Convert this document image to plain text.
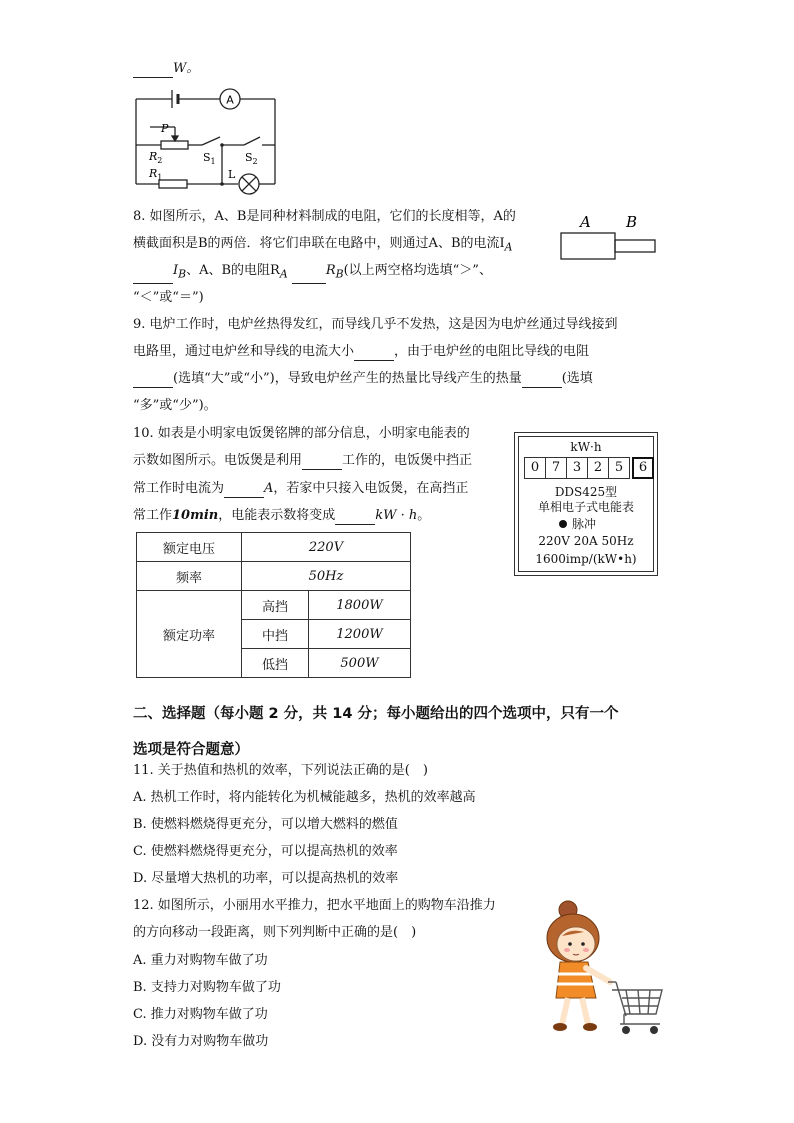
W。
A
P
$R_2$	$S_1$	$S_2$
$R_1$	L
8. 如图所示，A、B是同种材料制成的电阻，它们的长度相等，A的
横截面积是B的两倍．将它们串联在电路中，则通过A、B的电流$I_A$
$I_B$、A、B的电阻$R_A$	$R_B$(以上两空格均选填“＞”、
“＜”或“＝”)
A B
9. 电炉工作时，电炉丝热得发红，而导线几乎不发热，这是因为电炉丝通过导线接到
电路里，通过电炉丝和导线的电流大小	，由于电炉丝的电阻比导线的电阻
(选填“大”或“小”)，导致电炉丝产生的热量比导线产生的热量	(选填
“多”或“少”)。
10. 如表是小明家电饭煲铭牌的部分信息，小明家电能表的
示数如图所示。电饭煲是利用	工作的，电饭煲中挡正
常工作时电流为	A，若家中只接入电饭煲，在高挡正
常工作10min，电能表示数将变成	kW · h。
额定电压	220V	
频率	50Hz	
额定功率	高挡	1800W
	中挡	1200W
	低挡	500W
kW·h
0 7 3 2 5	6
DDS425型
单相电子式电能表
脉冲
220V 20A 50Hz
1600imp/(kW•h)
二、选择题（每小题 2 分，共 14 分；每小题给出的四个选项中，只有一个
选项是符合题意）
11. 关于热值和热机的效率，下列说法正确的是(　)
A. 热机工作时，将内能转化为机械能越多，热机的效率越高
B. 使燃料燃烧得更充分，可以增大燃料的燃值
C. 使燃料燃烧得更充分，可以提高热机的效率
D. 尽量增大热机的功率，可以提高热机的效率
12. 如图所示，小丽用水平推力，把水平地面上的购物车沿推力
的方向移动一段距离，则下列判断中正确的是(　)
A. 重力对购物车做了功
B. 支持力对购物车做了功
C. 推力对购物车做了功
D. 没有力对购物车做功
